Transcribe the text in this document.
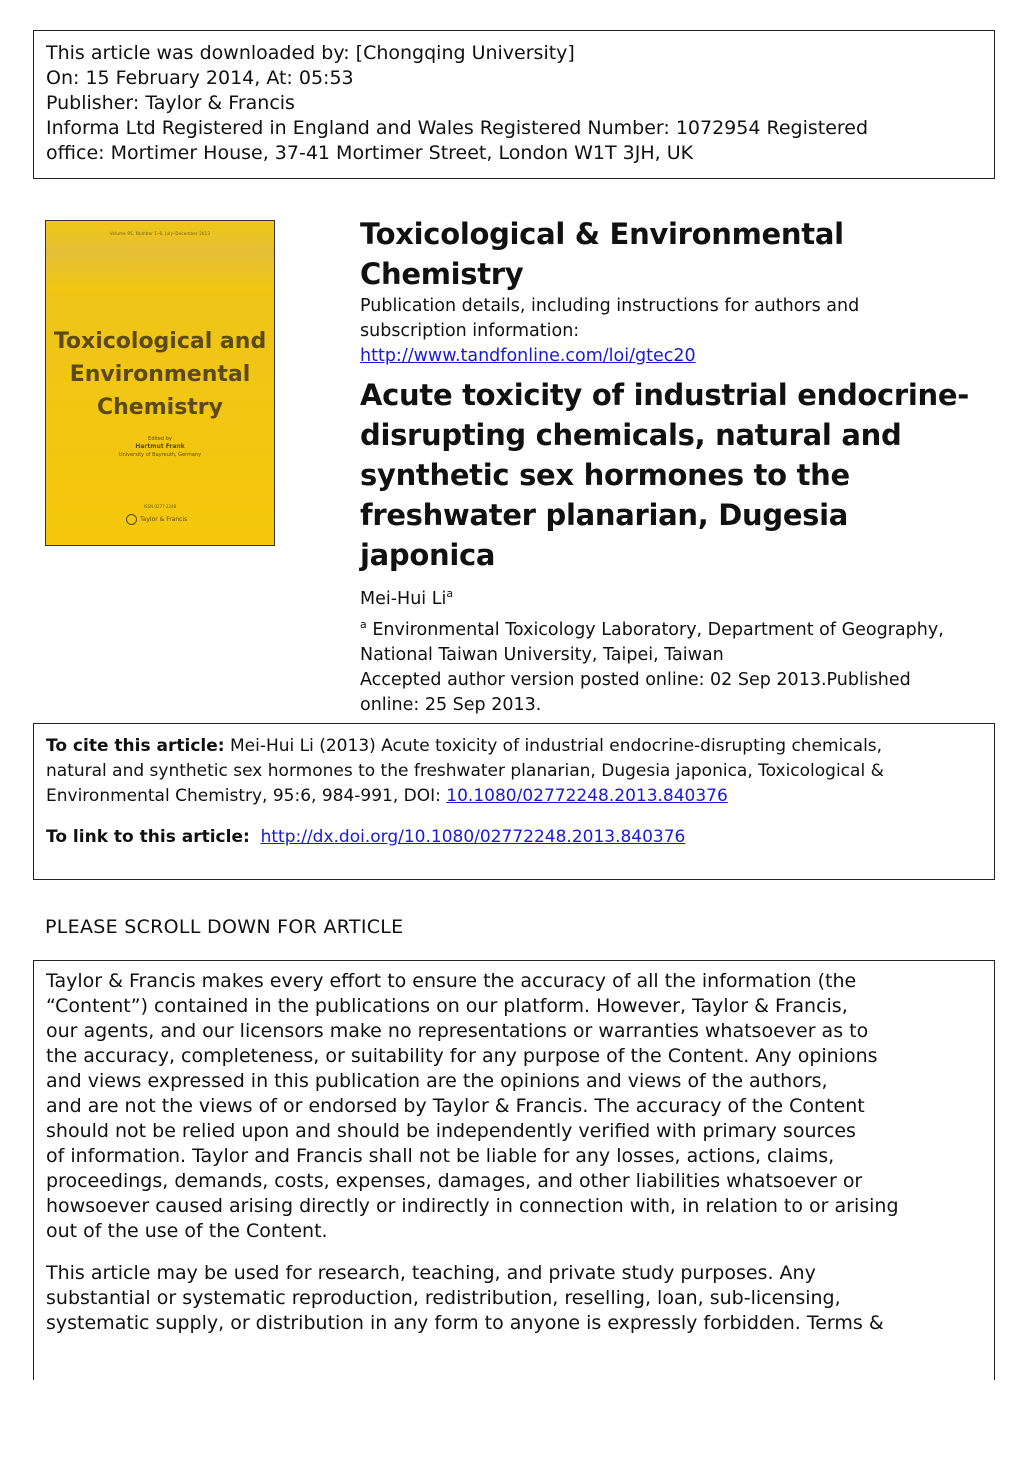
This article was downloaded by: [Chongqing University]
On: 15 February 2014, At: 05:53
Publisher: Taylor & Francis
Informa Ltd Registered in England and Wales Registered Number: 1072954 Registered
office: Mortimer House, 37-41 Mortimer Street, London W1T 3JH, UK
Volume 95, Number 1–6, July–December 2013
Toxicological and
Environmental
Chemistry
Edited by
Hartmut Frank
University of Bayreuth, Germany
ISSN 0277-2248
Taylor & Francis
Toxicological & Environmental
Chemistry
Publication details, including instructions for authors and
subscription information:
http://www.tandfonline.com/loi/gtec20
Acute toxicity of industrial endocrine-
disrupting chemicals, natural and
synthetic sex hormones to the
freshwater planarian, Dugesia japonica
Mei-Hui Li$^a$
$^a$ Environmental Toxicology Laboratory, Department of Geography,
National Taiwan University, Taipei, Taiwan
Accepted author version posted online: 02 Sep 2013.Published
online: 25 Sep 2013.

To cite this article: Mei-Hui Li (2013) Acute toxicity of industrial endocrine-disrupting chemicals,
natural and synthetic sex hormones to the freshwater planarian, Dugesia japonica, Toxicological &
Environmental Chemistry, 95:6, 984-991, DOI: 10.1080/02772248.2013.840376

To link to this article: http://dx.doi.org/10.1080/02772248.2013.840376

PLEASE SCROLL DOWN FOR ARTICLE

Taylor & Francis makes every effort to ensure the accuracy of all the information (the
“Content”) contained in the publications on our platform. However, Taylor & Francis,
our agents, and our licensors make no representations or warranties whatsoever as to
the accuracy, completeness, or suitability for any purpose of the Content. Any opinions
and views expressed in this publication are the opinions and views of the authors,
and are not the views of or endorsed by Taylor & Francis. The accuracy of the Content
should not be relied upon and should be independently verified with primary sources
of information. Taylor and Francis shall not be liable for any losses, actions, claims,
proceedings, demands, costs, expenses, damages, and other liabilities whatsoever or
howsoever caused arising directly or indirectly in connection with, in relation to or arising
out of the use of the Content.

This article may be used for research, teaching, and private study purposes. Any
substantial or systematic reproduction, redistribution, reselling, loan, sub-licensing,
systematic supply, or distribution in any form to anyone is expressly forbidden. Terms &
